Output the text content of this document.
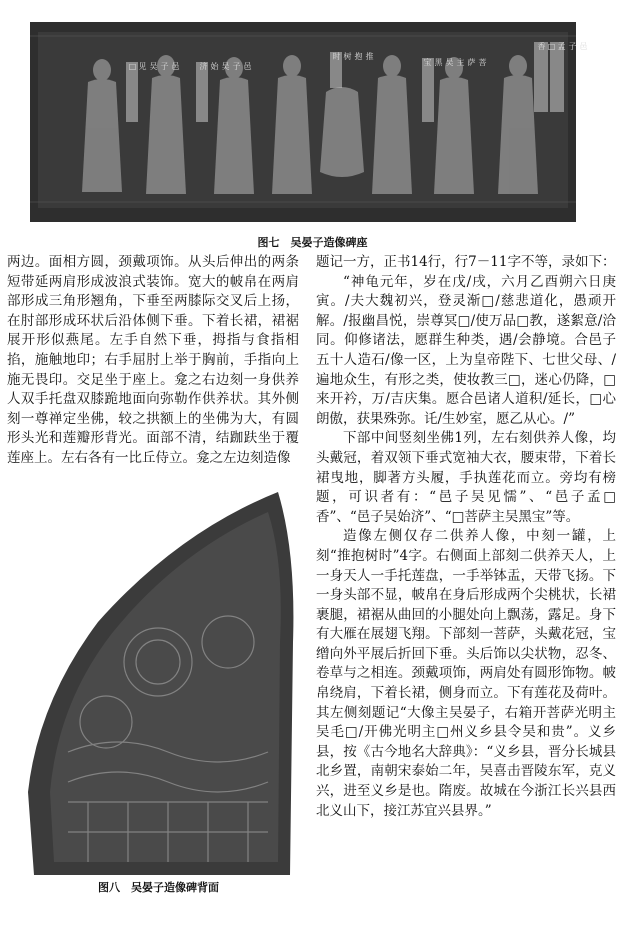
图七　吴晏子造像碑座

两边。面相方圆，颈戴项饰。从头后伸出的两条短带延两肩形成波浪式装饰。宽大的帔帛在两肩部形成三角形翘角，下垂至两膝际交叉后上扬，在肘部形成环状后沿体侧下垂。下着长裙，裙裾展开形似燕尾。左手自然下垂，拇指与食指相掐，施触地印；右手屈肘上举于胸前，手指向上施无畏印。交足坐于座上。龛之右边刻一身供养人双手托盘双膝跪地面向弥勒作供养状。其外侧刻一尊禅定坐佛，较之拱额上的坐佛为大，有圆形头光和莲瓣形背光。面部不清，结跏趺坐于覆莲座上。左右各有一比丘侍立。龛之左边刻造像

图八　吴晏子造像碑背面

题记一方，正书14行，行7－11字不等，录如下：

“神龟元年，岁在戊/戌，六月乙酉朔六日庚寅。/夫大魏初兴，登灵渐□/慈悲道化，愚顽开解。/报幽昌悦，崇尊冥□/使万品□教，遂絮意/洽同。仰修诸法，愿群生种类，遇/会静境。合邑子五十人造石/像一区，上为皇帝陛下、七世父母、/遍地众生，有形之类，使妆教三□，迷心仍降，□来开衿，万/吉庆集。愿合邑诸人道积/延长，□心朗傲，获果殊弥。讬/生妙室，愿乙从心。/”

下部中间竖刻坐佛1列，左右刻供养人像，均头戴冠，着双领下垂式宽袖大衣，腰束带，下着长裙曳地，脚著方头履，手执莲花而立。旁均有榜题，可识者有：“邑子吴见懦”、“邑子孟□香”、“邑子吴始济”、“□菩萨主吴黑宝”等。

造像左侧仅存二供养人像，中刻一罐，上刻“推抱树时”4字。右侧面上部刻二供养天人，上一身天人一手托莲盘，一手举钵盂，天带飞扬。下一身头部不显，帔帛在身后形成两个尖桃状，长裙裹腿，裙裾从曲回的小腿处向上飘荡，露足。身下有大雁在展翅飞翔。下部刻一菩萨，头戴花冠，宝缯向外平展后折回下垂。头后饰以尖状物，忍冬、卷草与之相连。颈戴项饰，两肩处有圆形饰物。帔帛绕肩，下着长裙，侧身而立。下有莲花及荷叶。其左侧刻题记“大像主吴晏子，右箱开菩萨光明主吴毛□/开佛光明主□州义乡县令吴和贵”。义乡县，按《古今地名大辞典》：“义乡县，晋分长城县北乡置，南朝宋泰始二年，吴喜击晋陵东军，克义兴，进至义乡是也。隋废。故城在今浙江长兴县西北义山下，接江苏宜兴县界。”

邑子吴见□	邑子吴始济	菩萨主吴黑宝
邑子孟□香
推抱树时
